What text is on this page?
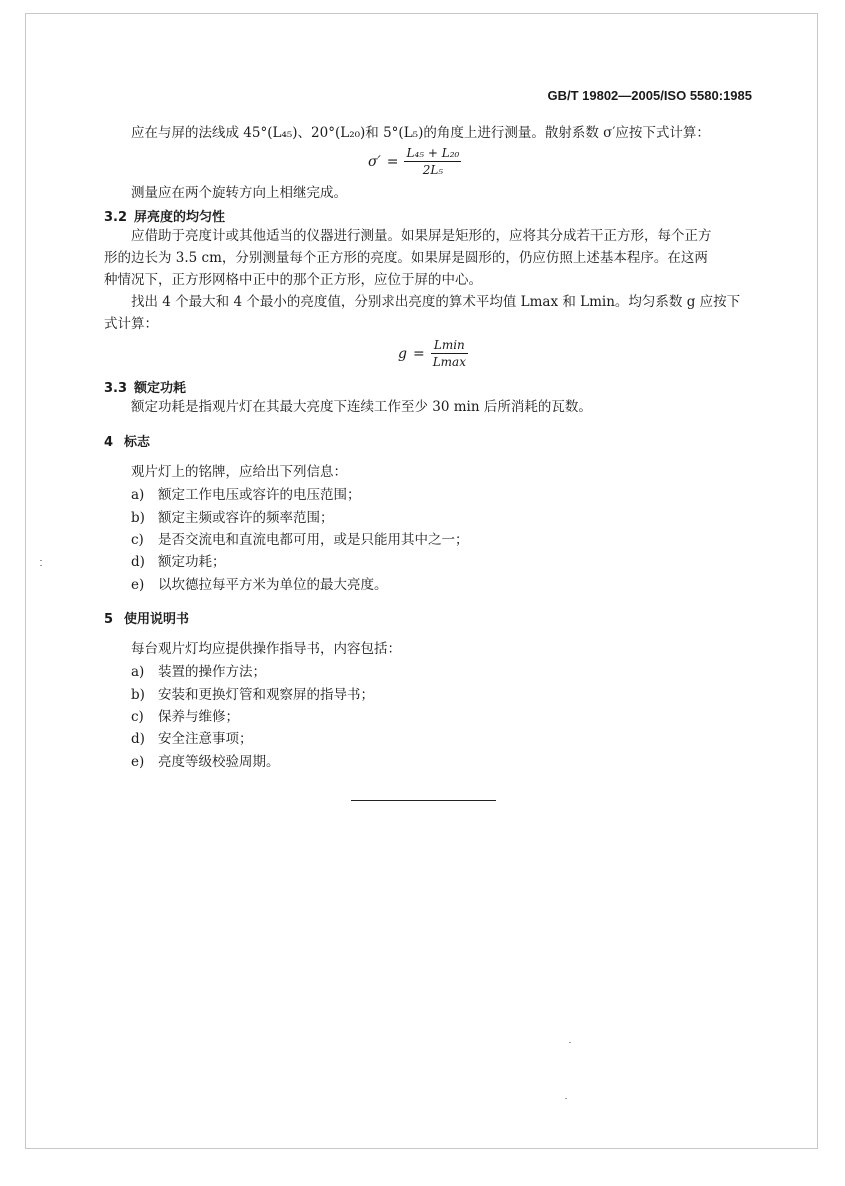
GB/T 19802—2005/ISO 5580:1985
应在与屏的法线成 45°(L₄₅)、20°(L₂₀)和 5°(L₅)的角度上进行测量。散射系数 σ′应按下式计算：
$\sigma' = \frac{\text{L₄₅ + L₂₀}}{\text{2L₅}}$
测量应在两个旋转方向上相继完成。
3.2 屏亮度的均匀性
应借助于亮度计或其他适当的仪器进行测量。如果屏是矩形的，应将其分成若干正方形，每个正方
形的边长为 3.5 cm，分别测量每个正方形的亮度。如果屏是圆形的，仍应仿照上述基本程序。在这两
种情况下，正方形网格中正中的那个正方形，应位于屏的中心。
找出 4 个最大和 4 个最小的亮度值，分别求出亮度的算术平均值 Lmax 和 Lmin。均匀系数 g 应按下
式计算：
$g = \frac{Lmin}{Lmax}$
3.3 额定功耗
额定功耗是指观片灯在其最大亮度下连续工作至少 30 min 后所消耗的瓦数。
4 标志
观片灯上的铭牌，应给出下列信息：
a) 额定工作电压或容许的电压范围；
b) 额定主频或容许的频率范围；
c) 是否交流电和直流电都可用，或是只能用其中之一；
d) 额定功耗；
e) 以坎德拉每平方米为单位的最大亮度。
5 使用说明书
每台观片灯均应提供操作指导书，内容包括：
a) 装置的操作方法；
b) 安装和更换灯管和观察屏的指导书；
c) 保养与维修；
d) 安全注意事项；
e) 亮度等级校验周期。
